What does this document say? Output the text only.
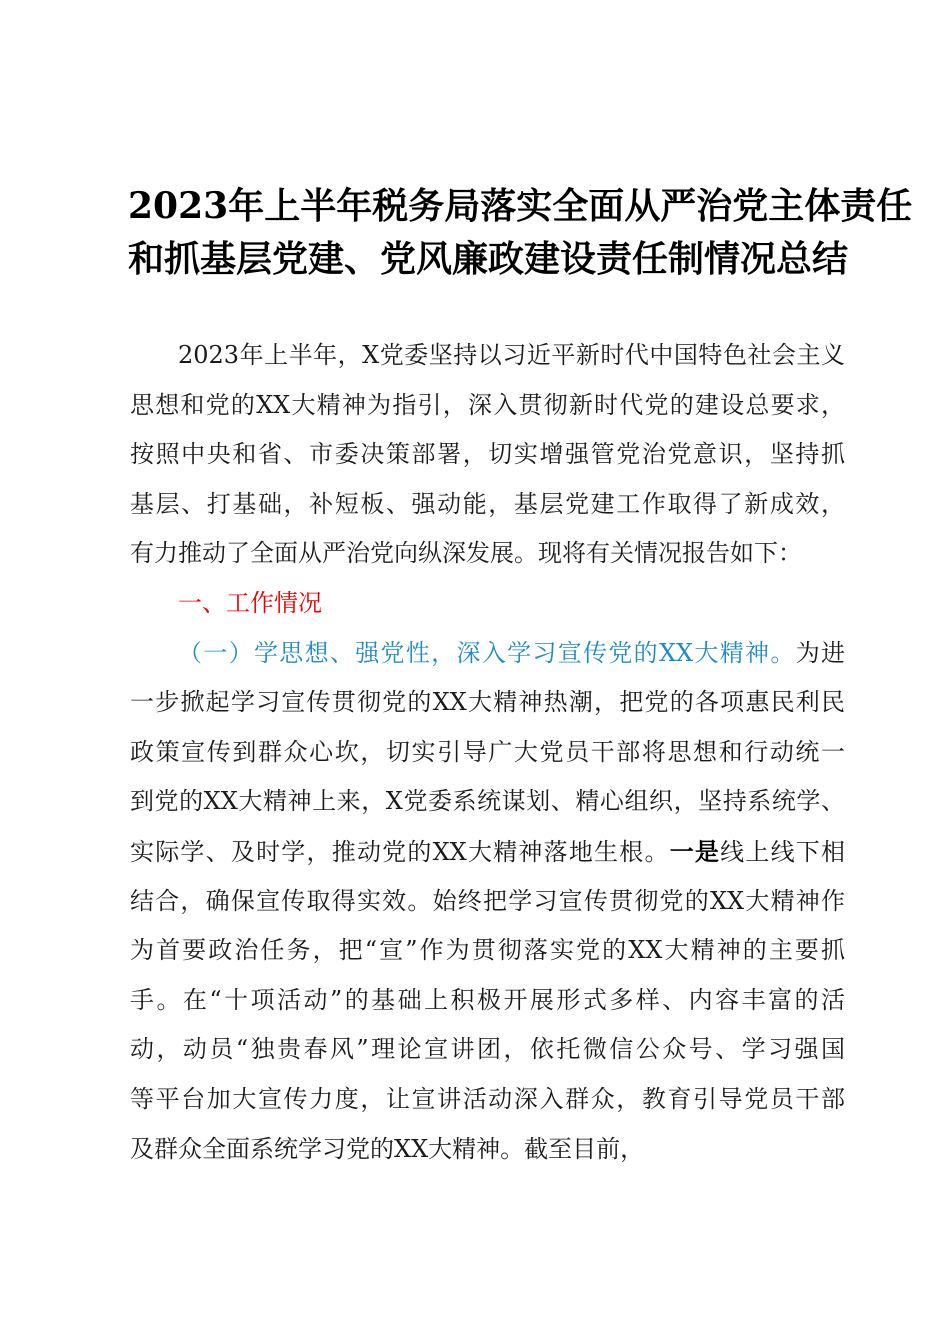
2023年上半年税务局落实全面从严治党主体责任
和抓基层党建、党风廉政建设责任制情况总结
2023年上半年，X党委坚持以习近平新时代中国特色社会主义
思想和党的XX大精神为指引，深入贯彻新时代党的建设总要求，
按照中央和省、市委决策部署，切实增强管党治党意识，坚持抓
基层、打基础，补短板、强动能，基层党建工作取得了新成效，
有力推动了全面从严治党向纵深发展。现将有关情况报告如下：
一、工作情况
（一）学思想、强党性，深入学习宣传党的XX大精神。为进
一步掀起学习宣传贯彻党的XX大精神热潮，把党的各项惠民利民
政策宣传到群众心坎，切实引导广大党员干部将思想和行动统一
到党的XX大精神上来，X党委系统谋划、精心组织，坚持系统学、
实际学、及时学，推动党的XX大精神落地生根。一是线上线下相
结合，确保宣传取得实效。始终把学习宣传贯彻党的XX大精神作
为首要政治任务，把“宣”作为贯彻落实党的XX大精神的主要抓
手。在“十项活动”的基础上积极开展形式多样、内容丰富的活
动，动员“独贵春风”理论宣讲团，依托微信公众号、学习强国
等平台加大宣传力度，让宣讲活动深入群众，教育引导党员干部
及群众全面系统学习党的XX大精神。截至目前，
